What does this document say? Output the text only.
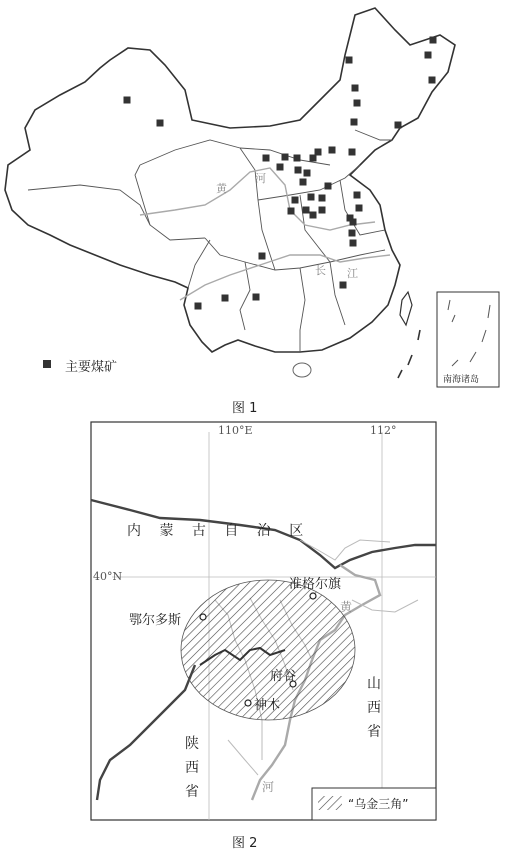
黄
河
长 江
主要煤矿
南海诸岛
图 1
110°E	112°
40°N
内 蒙 古 自 治 区
陕
西
省
山
西
省
准格尔旗
鄂尔多斯
府谷
神木
黄
河
“乌金三角”
图 2
